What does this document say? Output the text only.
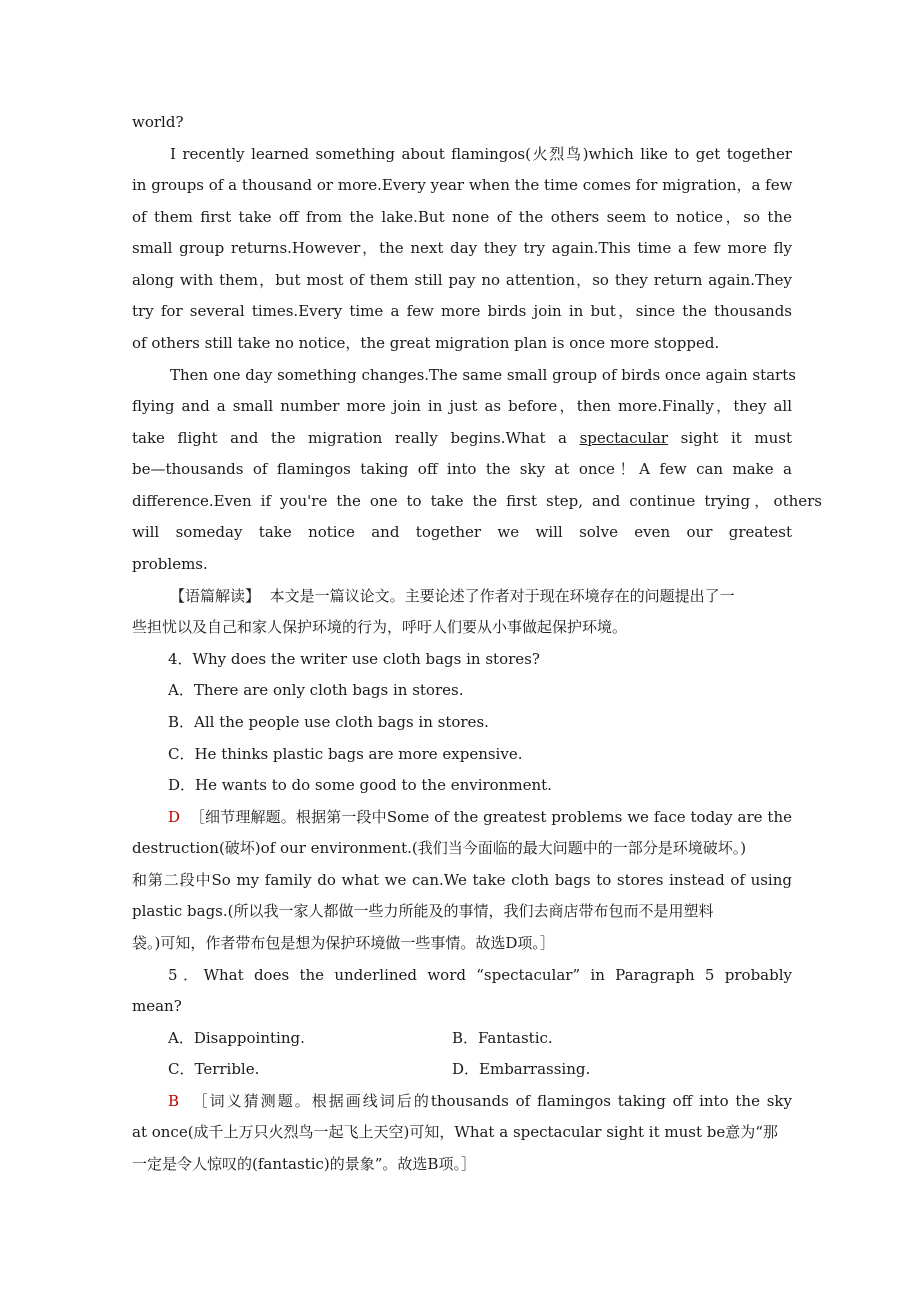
world?
I recently learned something about flamingos(火烈鸟)which like to get together
in groups of a thousand or more.Every year when the time comes for migration，a few
of them first take off from the lake.But none of the others seem to notice，so the
small group returns.However，the next day they try again.This time a few more fly
along with them，but most of them still pay no attention，so they return again.They
try for several times.Every time a few more birds join in but，since the thousands
of others still take no notice，the great migration plan is once more stopped.
Then one day something changes.The same small group of birds once again starts
flying and a small number more join in just as before，then more.Finally，they all
take flight and the migration really begins.What a spectacular sight it must
be—thousands of flamingos taking off into the sky at once！A few can make a
difference.Even if you're the one to take the first step, and continue trying，others
will someday take notice and together we will solve even our greatest
problems.
【语篇解读】 本文是一篇议论文。主要论述了作者对于现在环境存在的问题提出了一
些担忧以及自己和家人保护环境的行为，呼吁人们要从小事做起保护环境。
4．Why does the writer use cloth bags in stores?
A．There are only cloth bags in stores.
B．All the people use cloth bags in stores.
C．He thinks plastic bags are more expensive.
D．He wants to do some good to the environment.
D ［细节理解题。根据第一段中Some of the greatest problems we face today are the
destruction(破坏)of our environment.(我们当今面临的最大问题中的一部分是环境破坏。)
和第二段中So my family do what we can.We take cloth bags to stores instead of using
plastic bags.(所以我一家人都做一些力所能及的事情，我们去商店带布包而不是用塑料
袋。)可知，作者带布包是想为保护环境做一些事情。故选D项。］
5．What does the underlined word “spectacular” in Paragraph 5 probably
mean?
A．Disappointing.	B．Fantastic.
C．Terrible.	D．Embarrassing.
B ［词义猜测题。根据画线词后的thousands of flamingos taking off into the sky
at once(成千上万只火烈鸟一起飞上天空)可知，What a spectacular sight it must be意为“那
一定是令人惊叹的(fantastic)的景象”。故选B项。］
